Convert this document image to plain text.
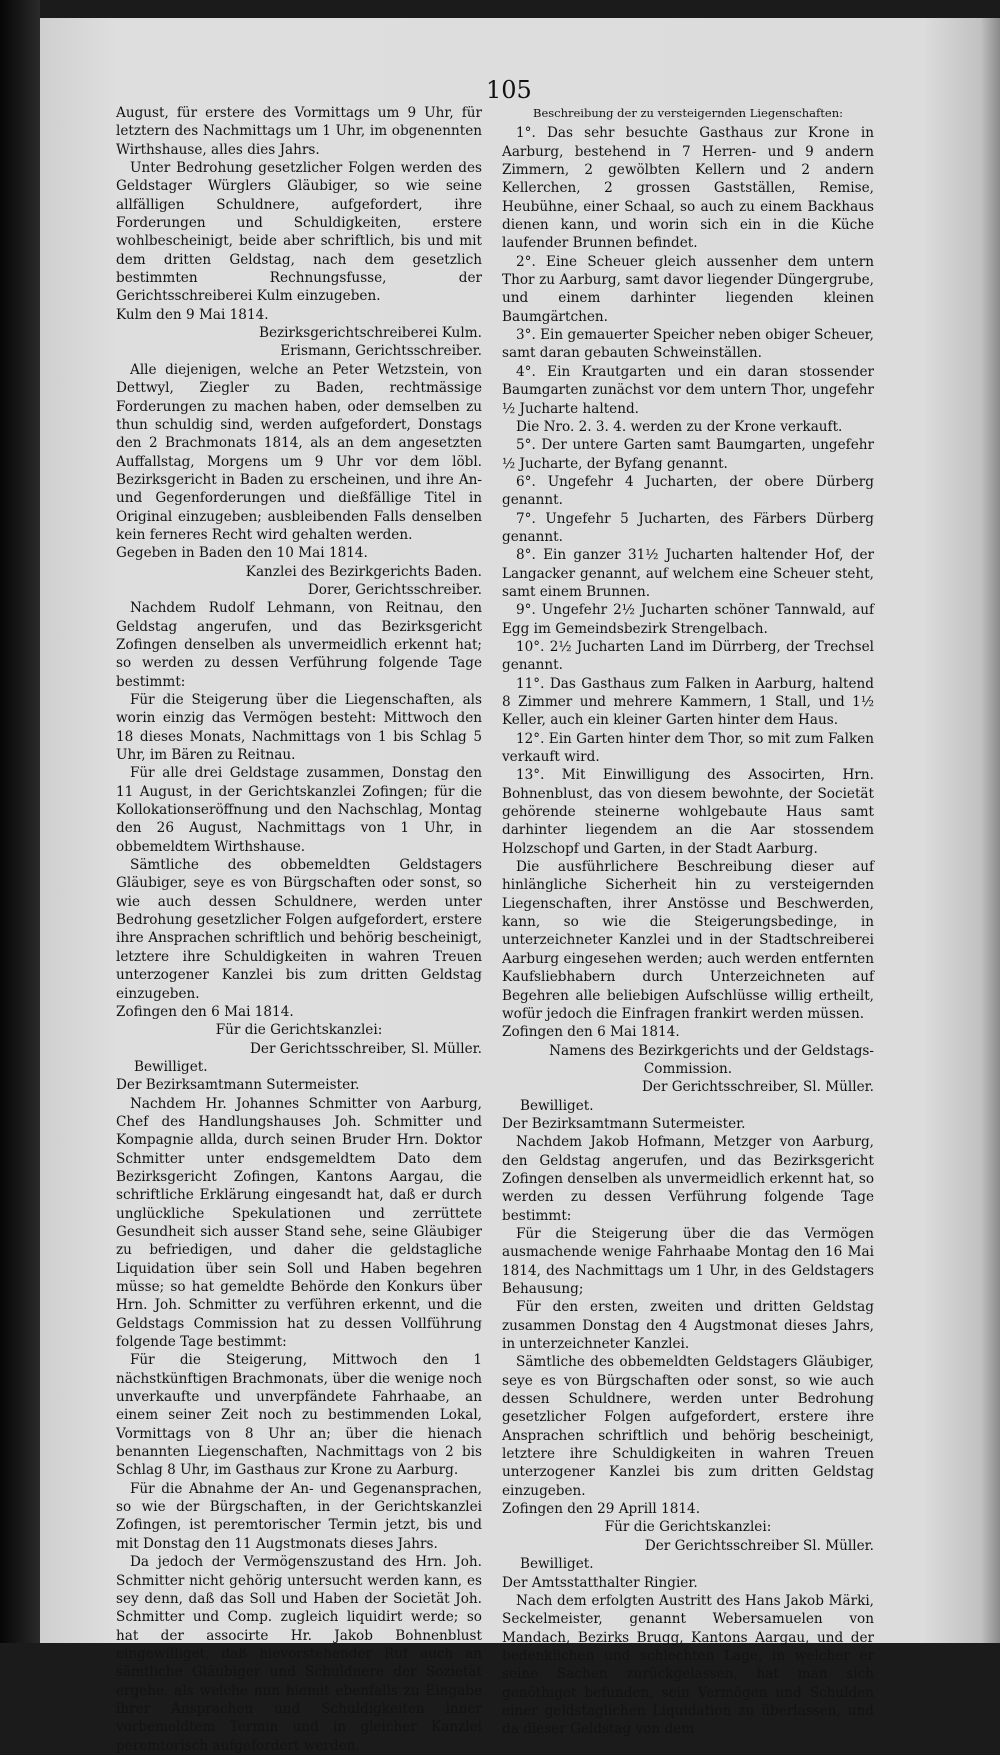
105

August, für erstere des Vormittags um 9 Uhr, für letztern des Nachmittags um 1 Uhr, im obgenennten Wirthshause, alles dies Jahrs.

Unter Bedrohung gesetzlicher Folgen werden des Geldstager Würglers Gläubiger, so wie seine allfälligen Schuldnere, aufgefordert, ihre Forderungen und Schuldigkeiten, erstere wohlbescheinigt, beide aber schriftlich, bis und mit dem dritten Geldstag, nach dem gesetzlich bestimmten Rechnungsfusse, der Gerichtsschreiberei Kulm einzugeben.

Kulm den 9 Mai 1814.

Bezirksgerichtschreiberei Kulm.

Erismann, Gerichtsschreiber.

Alle diejenigen, welche an Peter Wetzstein, von Dettwyl, Ziegler zu Baden, rechtmässige Forderungen zu machen haben, oder demselben zu thun schuldig sind, werden aufgefordert, Donstags den 2 Brachmonats 1814, als an dem angesetzten Auffallstag, Morgens um 9 Uhr vor dem löbl. Bezirksgericht in Baden zu erscheinen, und ihre An- und Gegenforderungen und dießfällige Titel in Original einzugeben; ausbleibenden Falls denselben kein ferneres Recht wird gehalten werden.

Gegeben in Baden den 10 Mai 1814.

Kanzlei des Bezirkgerichts Baden.

Dorer, Gerichtsschreiber.

Nachdem Rudolf Lehmann, von Reitnau, den Geldstag angerufen, und das Bezirksgericht Zofingen denselben als unvermeidlich erkennt hat; so werden zu dessen Verführung folgende Tage bestimmt:

Für die Steigerung über die Liegenschaften, als worin einzig das Vermögen besteht: Mittwoch den 18 dieses Monats, Nachmittags von 1 bis Schlag 5 Uhr, im Bären zu Reitnau.

Für alle drei Geldstage zusammen, Donstag den 11 August, in der Gerichtskanzlei Zofingen; für die Kollokationseröffnung und den Nachschlag, Montag den 26 August, Nachmittags von 1 Uhr, in obbemeldtem Wirthshause.

Sämtliche des obbemeldten Geldstagers Gläubiger, seye es von Bürgschaften oder sonst, so wie auch dessen Schuldnere, werden unter Bedrohung gesetzlicher Folgen aufgefordert, erstere ihre Ansprachen schriftlich und behörig bescheinigt, letztere ihre Schuldigkeiten in wahren Treuen unterzogener Kanzlei bis zum dritten Geldstag einzugeben.

Zofingen den 6 Mai 1814.

Für die Gerichtskanzlei:

Der Gerichtsschreiber, Sl. Müller.

Bewilliget.

Der Bezirksamtmann Sutermeister.

Nachdem Hr. Johannes Schmitter von Aarburg, Chef des Handlungshauses Joh. Schmitter und Kompagnie allda, durch seinen Bruder Hrn. Doktor Schmitter unter endsgemeldtem Dato dem Bezirksgericht Zofingen, Kantons Aargau, die schriftliche Erklärung eingesandt hat, daß er durch unglückliche Spekulationen und zerrüttete Gesundheit sich ausser Stand sehe, seine Gläubiger zu befriedigen, und daher die geldstagliche Liquidation über sein Soll und Haben begehren müsse; so hat gemeldte Behörde den Konkurs über Hrn. Joh. Schmitter zu verführen erkennt, und die Geldstags Commission hat zu dessen Vollführung folgende Tage bestimmt:

Für die Steigerung, Mittwoch den 1 nächstkünftigen Brachmonats, über die wenige noch unverkaufte und unverpfändete Fahrhaabe, an einem seiner Zeit noch zu bestimmenden Lokal, Vormittags von 8 Uhr an; über die hienach benannten Liegenschaften, Nachmittags von 2 bis Schlag 8 Uhr, im Gasthaus zur Krone zu Aarburg.

Für die Abnahme der An- und Gegenansprachen, so wie der Bürgschaften, in der Gerichtskanzlei Zofingen, ist peremtorischer Termin jetzt, bis und mit Donstag den 11 Augstmonats dieses Jahrs.

Da jedoch der Vermögenszustand des Hrn. Joh. Schmitter nicht gehörig untersucht werden kann, es sey denn, daß das Soll und Haben der Societät Joh. Schmitter und Comp. zugleich liquidirt werde; so hat der associrte Hr. Jakob Bohnenblust eingewilliget, daß hievorstehender Ruf auch an sämtliche Gläubiger und Schuldnere der Sozietät ergehe, als welche nun hiemit ebenfalls zu Eingabe ihrer Ansprachen und Schuldigkeiten inner vorbemeldtem Termin und in gleicher Kanzlei peremtorisch aufgefordert werden.

Beschreibung der zu versteigernden Liegenschaften:

1°. Das sehr besuchte Gasthaus zur Krone in Aarburg, bestehend in 7 Herren- und 9 andern Zimmern, 2 gewölbten Kellern und 2 andern Kellerchen, 2 grossen Gastställen, Remise, Heubühne, einer Schaal, so auch zu einem Backhaus dienen kann, und worin sich ein in die Küche laufender Brunnen befindet.

2°. Eine Scheuer gleich aussenher dem untern Thor zu Aarburg, samt davor liegender Düngergrube, und einem darhinter liegenden kleinen Baumgärtchen.

3°. Ein gemauerter Speicher neben obiger Scheuer, samt daran gebauten Schweinställen.

4°. Ein Krautgarten und ein daran stossender Baumgarten zunächst vor dem untern Thor, ungefehr ½ Jucharte haltend.

Die Nro. 2. 3. 4. werden zu der Krone verkauft.

5°. Der untere Garten samt Baumgarten, ungefehr ½ Jucharte, der Byfang genannt.

6°. Ungefehr 4 Jucharten, der obere Dürberg genannt.

7°. Ungefehr 5 Jucharten, des Färbers Dürberg genannt.

8°. Ein ganzer 31½ Jucharten haltender Hof, der Langacker genannt, auf welchem eine Scheuer steht, samt einem Brunnen.

9°. Ungefehr 2½ Jucharten schöner Tannwald, auf Egg im Gemeindsbezirk Strengelbach.

10°. 2½ Jucharten Land im Dürrberg, der Trechsel genannt.

11°. Das Gasthaus zum Falken in Aarburg, haltend 8 Zimmer und mehrere Kammern, 1 Stall, und 1½ Keller, auch ein kleiner Garten hinter dem Haus.

12°. Ein Garten hinter dem Thor, so mit zum Falken verkauft wird.

13°. Mit Einwilligung des Associrten, Hrn. Bohnenblust, das von diesem bewohnte, der Societät gehörende steinerne wohlgebaute Haus samt darhinter liegendem an die Aar stossendem Holzschopf und Garten, in der Stadt Aarburg.

Die ausführlichere Beschreibung dieser auf hinlängliche Sicherheit hin zu versteigernden Liegenschaften, ihrer Anstösse und Beschwerden, kann, so wie die Steigerungsbedinge, in unterzeichneter Kanzlei und in der Stadtschreiberei Aarburg eingesehen werden; auch werden entfernten Kaufsliebhabern durch Unterzeichneten auf Begehren alle beliebigen Aufschlüsse willig ertheilt, wofür jedoch die Einfragen frankirt werden müssen.

Zofingen den 6 Mai 1814.

Namens des Bezirkgerichts und der Geldstags-

Commission.

Der Gerichtsschreiber, Sl. Müller.

Bewilliget.

Der Bezirksamtmann Sutermeister.

Nachdem Jakob Hofmann, Metzger von Aarburg, den Geldstag angerufen, und das Bezirksgericht Zofingen denselben als unvermeidlich erkennt hat, so werden zu dessen Verführung folgende Tage bestimmt:

Für die Steigerung über die das Vermögen ausmachende wenige Fahrhaabe Montag den 16 Mai 1814, des Nachmittags um 1 Uhr, in des Geldstagers Behausung;

Für den ersten, zweiten und dritten Geldstag zusammen Donstag den 4 Augstmonat dieses Jahrs, in unterzeichneter Kanzlei.

Sämtliche des obbemeldten Geldstagers Gläubiger, seye es von Bürgschaften oder sonst, so wie auch dessen Schuldnere, werden unter Bedrohung gesetzlicher Folgen aufgefordert, erstere ihre Ansprachen schriftlich und behörig bescheinigt, letztere ihre Schuldigkeiten in wahren Treuen unterzogener Kanzlei bis zum dritten Geldstag einzugeben.

Zofingen den 29 Aprill 1814.

Für die Gerichtskanzlei:

Der Gerichtsschreiber Sl. Müller.

Bewilliget.

Der Amtsstatthalter Ringier.

Nach dem erfolgten Austritt des Hans Jakob Märki, Seckelmeister, genannt Webersamuelen von Mandach, Bezirks Brugg, Kantons Aargau, und der bedenklichen und schlechten Lage, in welcher er seine Sachen zurückgelassen, hat man sich genöthiget befunden, sein Vermögen und Schulden einer geldstaglichen Liquidation zu überlassen, und da dieser Geldstag von dem
